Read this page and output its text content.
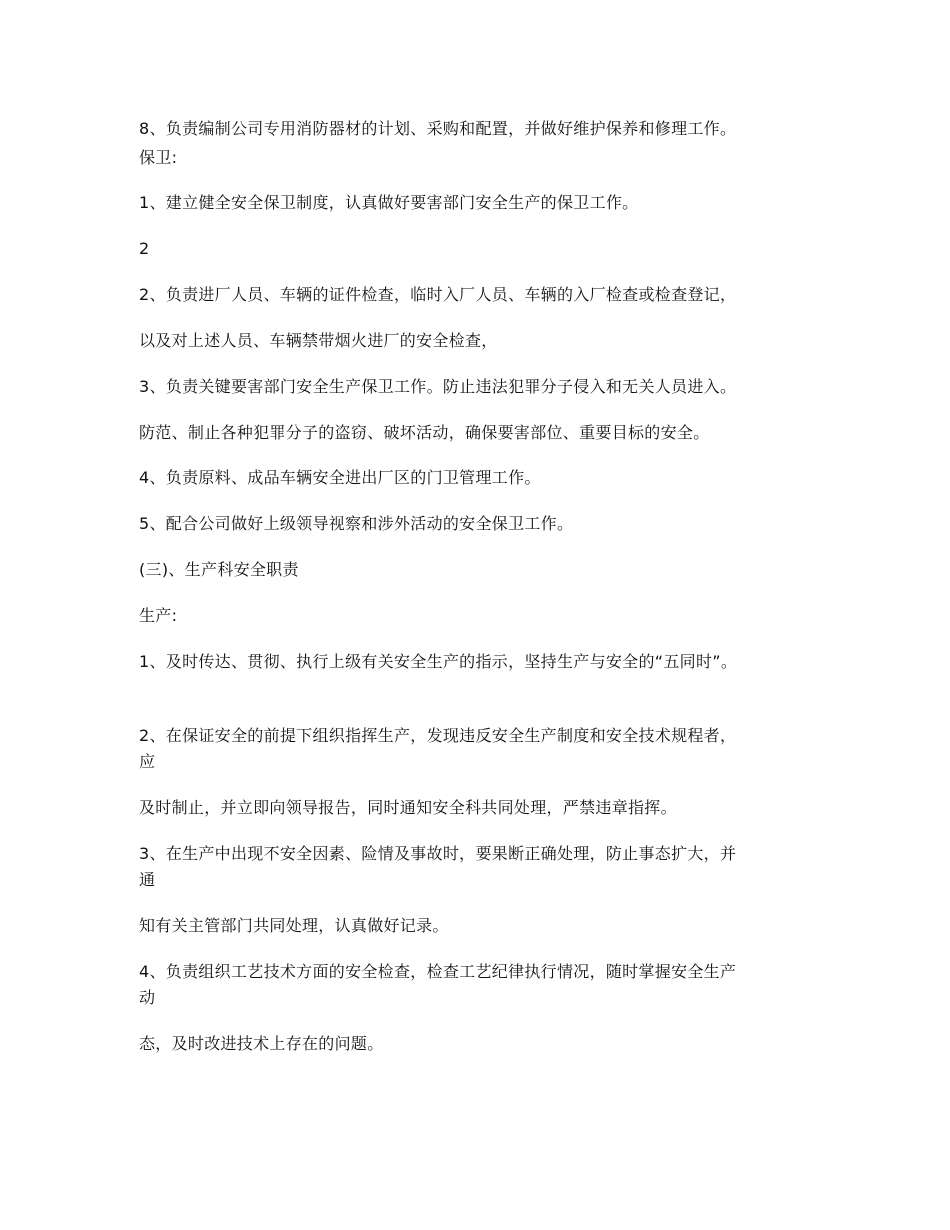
8、负责编制公司专用消防器材的计划、采购和配置，并做好维护保养和修理工作。
保卫:
1、建立健全安全保卫制度，认真做好要害部门安全生产的保卫工作。
2
2、负责进厂人员、车辆的证件检查，临时入厂人员、车辆的入厂检查或检查登记，
以及对上述人员、车辆禁带烟火进厂的安全检查，
3、负责关键要害部门安全生产保卫工作。防止违法犯罪分子侵入和无关人员进入。
防范、制止各种犯罪分子的盗窃、破坏活动，确保要害部位、重要目标的安全。
4、负责原料、成品车辆安全进出厂区的门卫管理工作。
5、配合公司做好上级领导视察和涉外活动的安全保卫工作。
(三)、生产科安全职责
生产:
1、及时传达、贯彻、执行上级有关安全生产的指示，坚持生产与安全的“五同时”。
2、在保证安全的前提下组织指挥生产，发现违反安全生产制度和安全技术规程者，
应
及时制止，并立即向领导报告，同时通知安全科共同处理，严禁违章指挥。
3、在生产中出现不安全因素、险情及事故时，要果断正确处理，防止事态扩大，并
通
知有关主管部门共同处理，认真做好记录。
4、负责组织工艺技术方面的安全检查，检查工艺纪律执行情况，随时掌握安全生产
动
态，及时改进技术上存在的问题。
